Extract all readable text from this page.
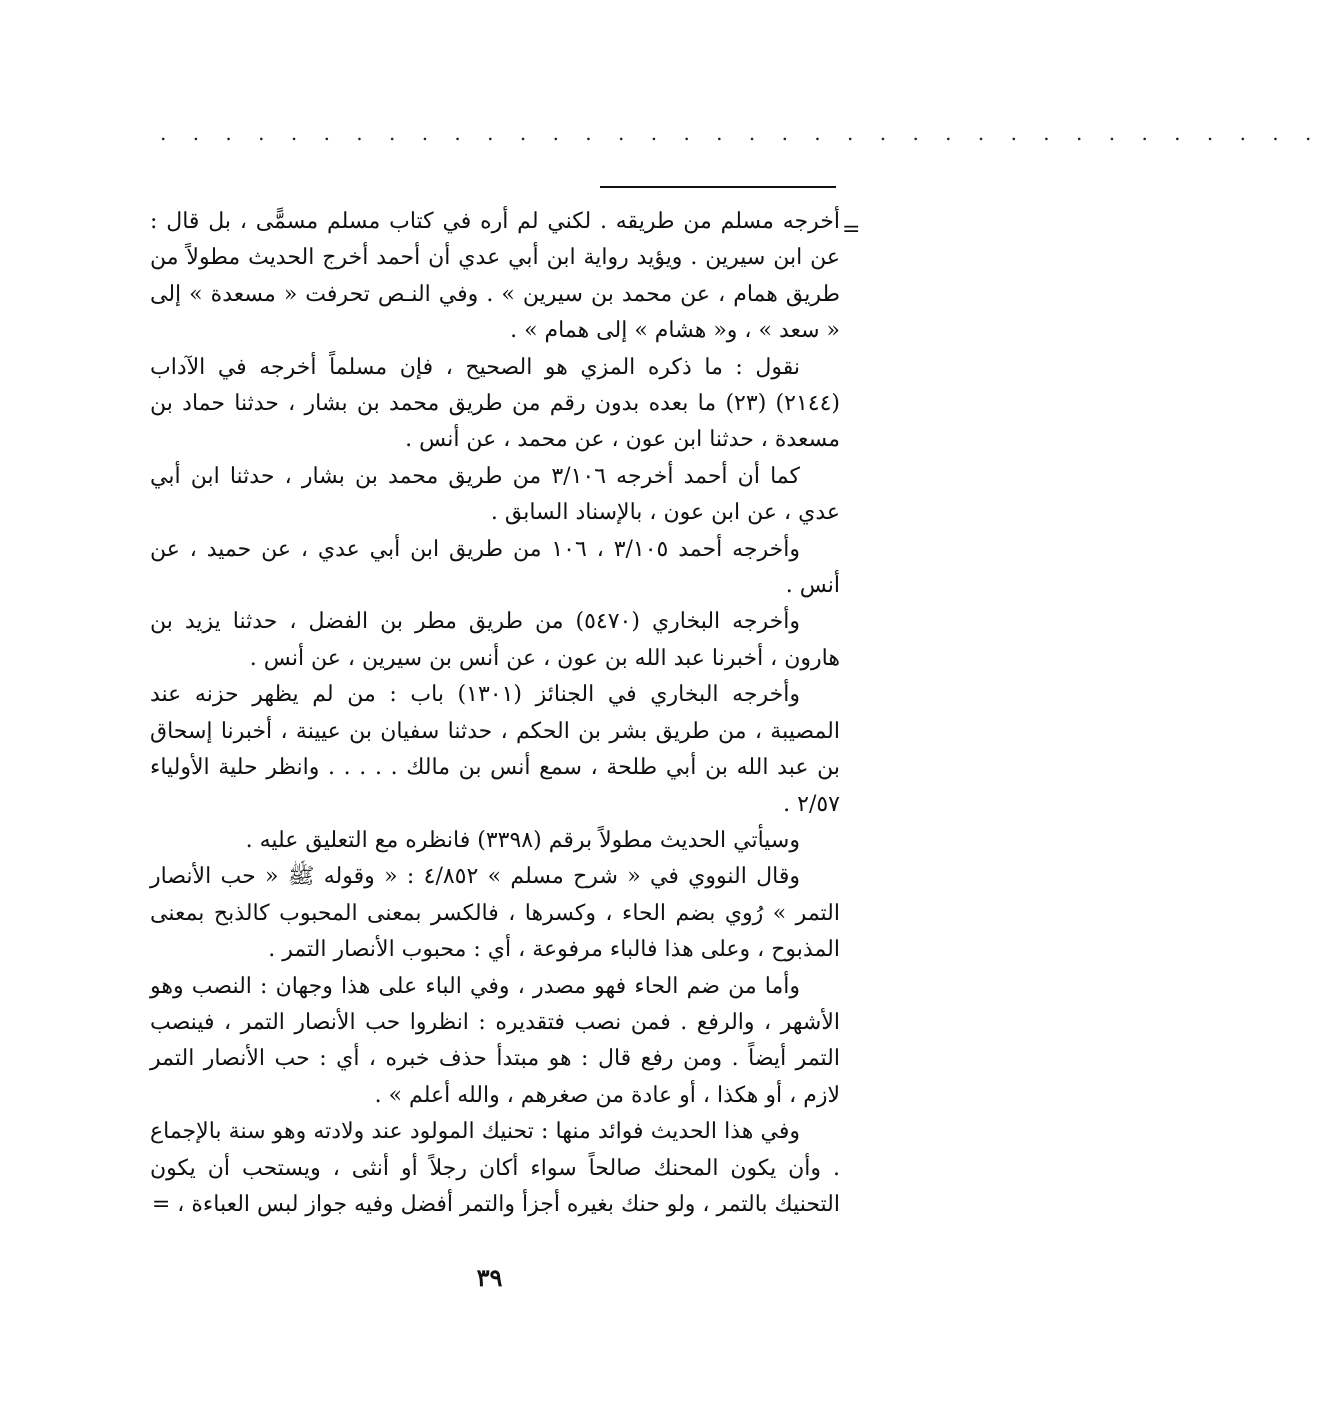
. . . . . . . . . . . . . . . . . . . . . . . . . . . . . . . . . . . .
=

أخرجه مسلم من طريقه . لكني لم أره في كتاب مسلم مسمًّى ، بل قال : عن ابن سيرين . ويؤيد رواية ابن أبي عدي أن أحمد أخرج الحديث مطولاً من طريق همام ، عن محمد بن سيرين » . وفي النـص تحرفت « مسعدة » إلى « سعد » ، و« هشام » إلى همام » .

نقول : ما ذكره المزي هو الصحيح ، فإن مسلماً أخرجه في الآداب (٢١٤٤) (٢٣) ما بعده بدون رقم من طريق محمد بن بشار ، حدثنا حماد بن مسعدة ، حدثنا ابن عون ، عن محمد ، عن أنس .

كما أن أحمد أخرجه ٣/١٠٦ من طريق محمد بن بشار ، حدثنا ابن أبي عدي ، عن ابن عون ، بالإسناد السابق .

وأخرجه أحمد ٣/١٠٥ ، ١٠٦ من طريق ابن أبي عدي ، عن حميد ، عن أنس .

وأخرجه البخاري (٥٤٧٠) من طريق مطر بن الفضل ، حدثنا يزيد بن هارون ، أخبرنا عبد الله بن عون ، عن أنس بن سيرين ، عن أنس .

وأخرجه البخاري في الجنائز (١٣٠١) باب : من لم يظهر حزنه عند المصيبة ، من طريق بشر بن الحكم ، حدثنا سفيان بن عيينة ، أخبرنا إسحاق بن عبد الله بن أبي طلحة ، سمع أنس بن مالك . . . . . وانظر حلية الأولياء ٢/٥٧ .

وسيأتي الحديث مطولاً برقم (٣٣٩٨) فانظره مع التعليق عليه .

وقال النووي في « شرح مسلم » ٤/٨٥٢ : « وقوله ﷺ « حب الأنصار التمر » رُوي بضم الحاء ، وكسرها ، فالكسر بمعنى المحبوب كالذبح بمعنى المذبوح ، وعلى هذا فالباء مرفوعة ، أي : محبوب الأنصار التمر .

وأما من ضم الحاء فهو مصدر ، وفي الباء على هذا وجهان : النصب وهو الأشهر ، والرفع . فمن نصب فتقديره : انظروا حب الأنصار التمر ، فينصب التمر أيضاً . ومن رفع قال : هو مبتدأ حذف خبره ، أي : حب الأنصار التمر لازم ، أو هكذا ، أو عادة من صغرهم ، والله أعلم » .

وفي هذا الحديث فوائد منها : تحنيك المولود عند ولادته وهو سنة بالإجماع . وأن يكون المحنك صالحاً سواء أكان رجلاً أو أنثى ، ويستحب أن يكون التحنيك بالتمر ، ولو حنك بغيره أجزأ والتمر أفضل وفيه جواز لبس العباءة ، =

٣٩
